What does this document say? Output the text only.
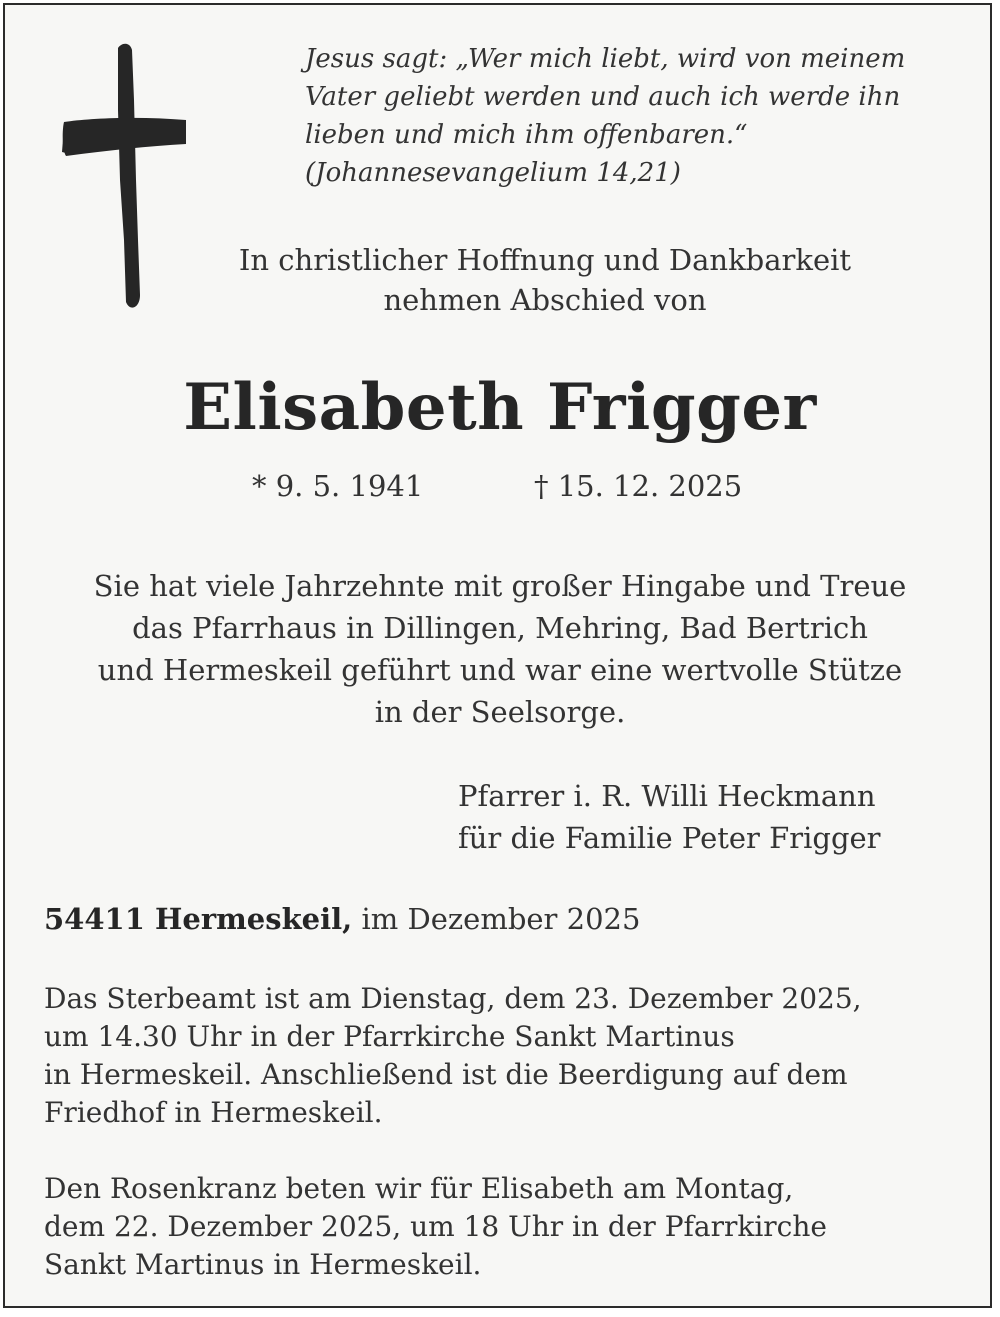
Jesus sagt: „Wer mich liebt, wird von meinem
Vater geliebt werden und auch ich werde ihn
lieben und mich ihm offenbaren.“
(Johannesevangelium 14,21)
In christlicher Hoffnung und Dankbarkeit
nehmen Abschied von
Elisabeth Frigger
* 9. 5. 1941	† 15. 12. 2025
Sie hat viele Jahrzehnte mit großer Hingabe und Treue
das Pfarrhaus in Dillingen, Mehring, Bad Bertrich
und Hermeskeil geführt und war eine wertvolle Stütze
in der Seelsorge.
Pfarrer i. R. Willi Heckmann
für die Familie Peter Frigger
54411 Hermeskeil, im Dezember 2025
Das Sterbeamt ist am Dienstag, dem 23. Dezember 2025,
um 14.30 Uhr in der Pfarrkirche Sankt Martinus
in Hermeskeil. Anschließend ist die Beerdigung auf dem
Friedhof in Hermeskeil.
Den Rosenkranz beten wir für Elisabeth am Montag,
dem 22. Dezember 2025, um 18 Uhr in der Pfarrkirche
Sankt Martinus in Hermeskeil.
